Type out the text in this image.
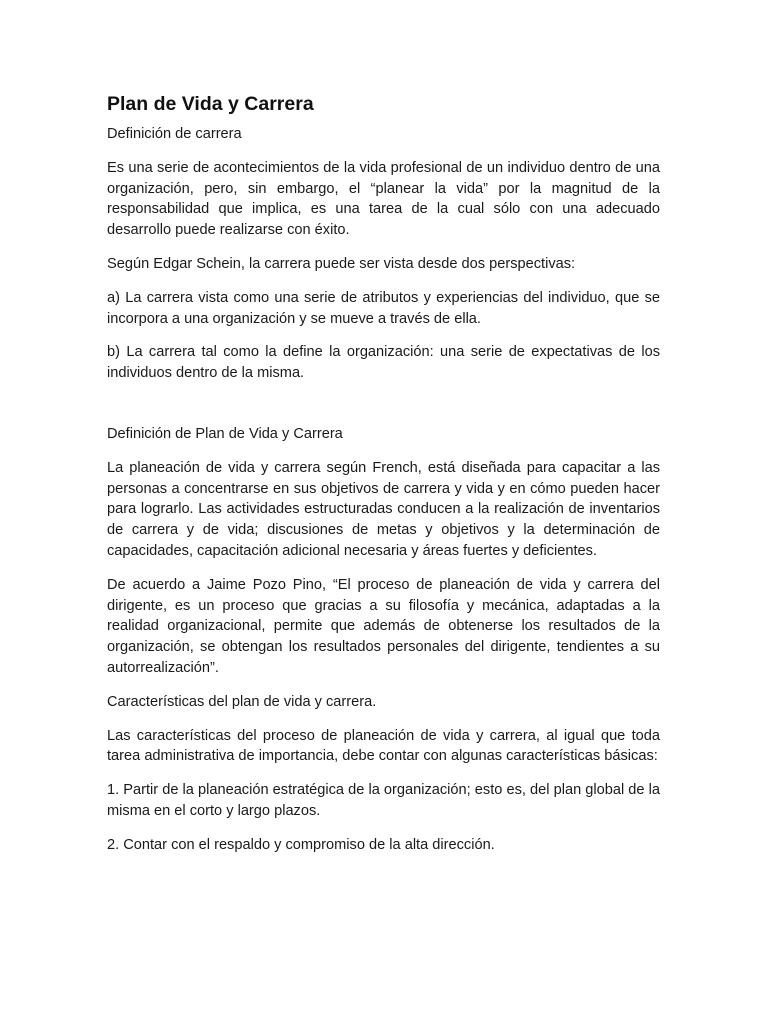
Plan de Vida y Carrera

Definición de carrera

Es una serie de acontecimientos de la vida profesional de un individuo dentro de una organización, pero, sin embargo, el “planear la vida” por la magnitud de la responsabilidad que implica, es una tarea de la cual sólo con una adecuado desarrollo puede realizarse con éxito.

Según Edgar Schein, la carrera puede ser vista desde dos perspectivas:

a) La carrera vista como una serie de atributos y experiencias del individuo, que se incorpora a una organización y se mueve a través de ella.

b) La carrera tal como la define la organización: una serie de expectativas de los individuos dentro de la misma.

Definición de Plan de Vida y Carrera

La planeación de vida y carrera según French, está diseñada para capacitar a las personas a concentrarse en sus objetivos de carrera y vida y en cómo pueden hacer para lograrlo. Las actividades estructuradas conducen a la realización de inventarios de carrera y de vida; discusiones de metas y objetivos y la determinación de capacidades, capacitación adicional necesaria y áreas fuertes y deficientes.

De acuerdo a Jaime Pozo Pino, “El proceso de planeación de vida y carrera del dirigente, es un proceso que gracias a su filosofía y mecánica, adaptadas a la realidad organizacional, permite que además de obtenerse los resultados de la organización, se obtengan los resultados personales del dirigente, tendientes a su autorrealización”.

Características del plan de vida y carrera.

Las características del proceso de planeación de vida y carrera, al igual que toda tarea administrativa de importancia, debe contar con algunas características básicas:

1. Partir de la planeación estratégica de la organización; esto es, del plan global de la misma en el corto y largo plazos.

2. Contar con el respaldo y compromiso de la alta dirección.
